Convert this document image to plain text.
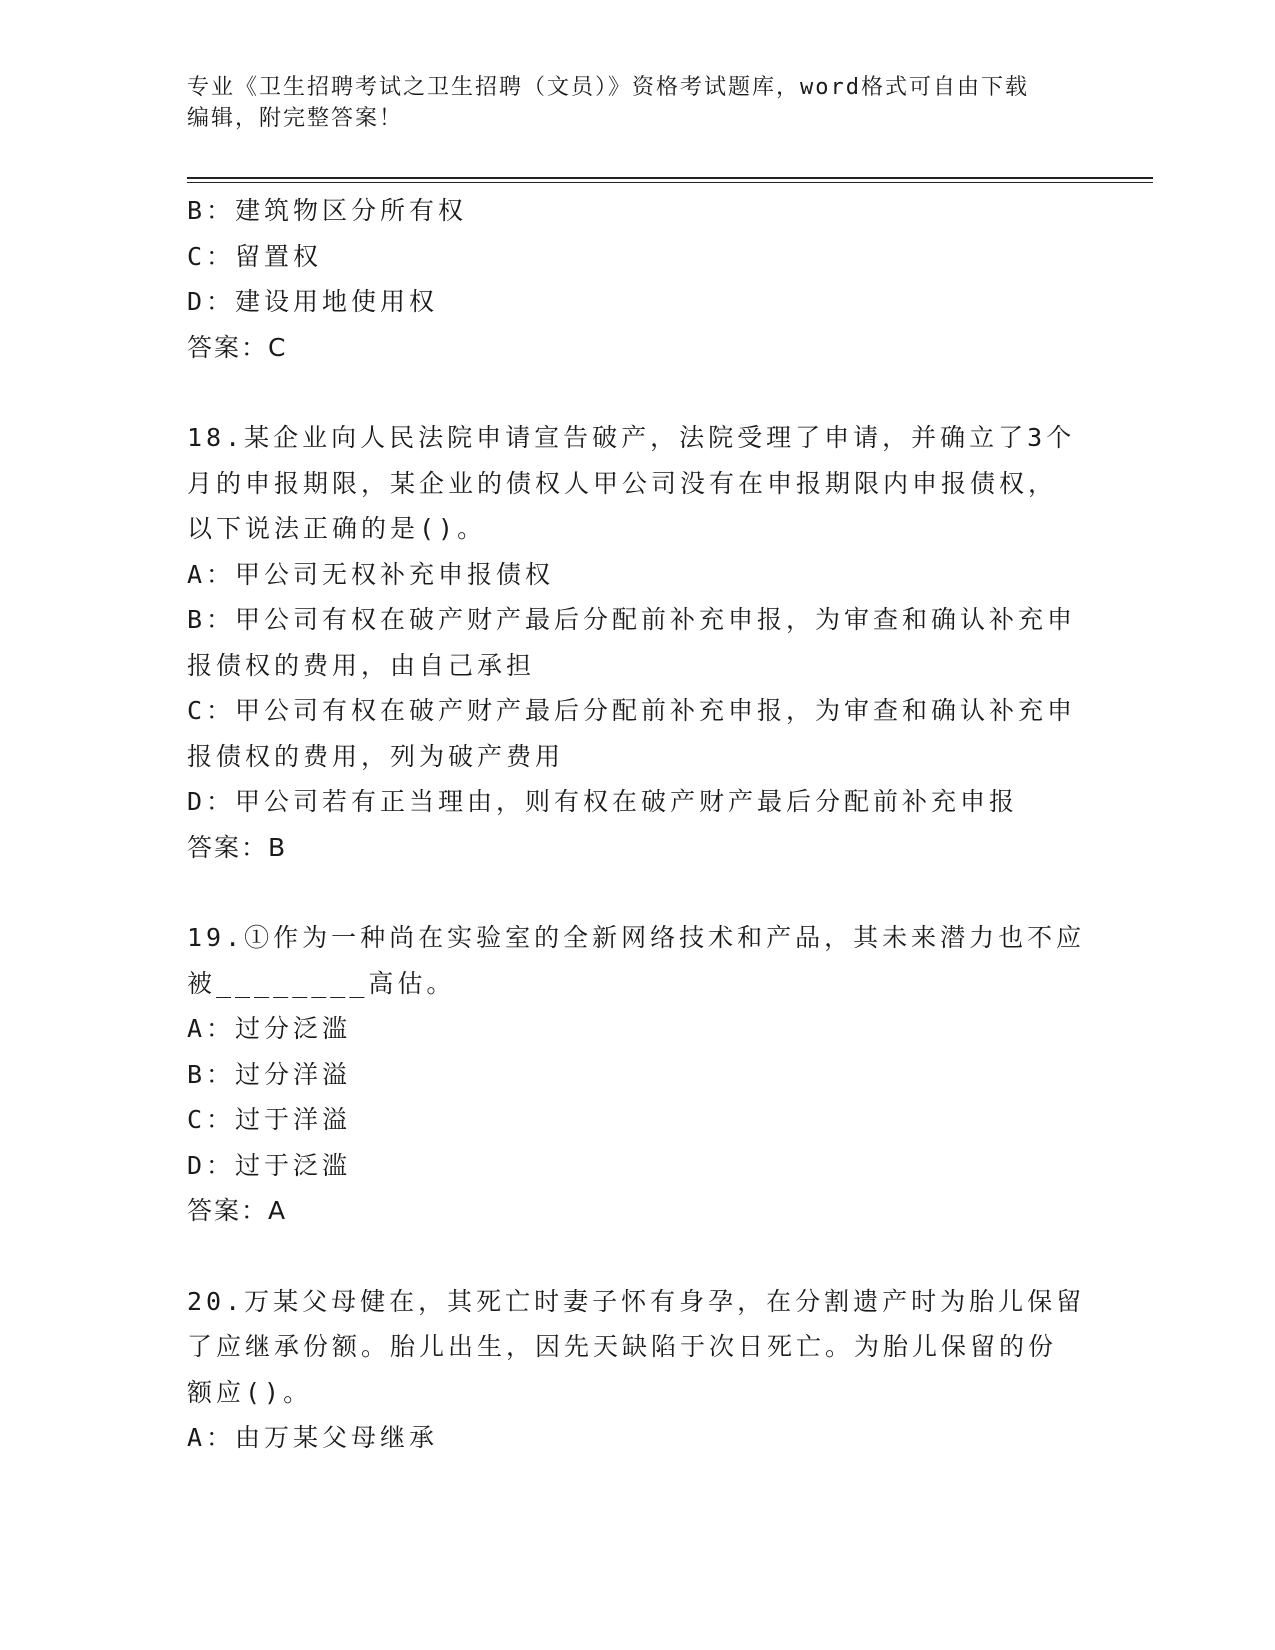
专业《卫生招聘考试之卫生招聘（文员）》资格考试题库，word格式可自由下载
编辑，附完整答案！
B：建筑物区分所有权
C：留置权
D：建设用地使用权
答案：C
18.某企业向人民法院申请宣告破产，法院受理了申请，并确立了3个
月的申报期限，某企业的债权人甲公司没有在申报期限内申报债权，
以下说法正确的是()。
A：甲公司无权补充申报债权
B：甲公司有权在破产财产最后分配前补充申报，为审查和确认补充申
报债权的费用，由自己承担
C：甲公司有权在破产财产最后分配前补充申报，为审查和确认补充申
报债权的费用，列为破产费用
D：甲公司若有正当理由，则有权在破产财产最后分配前补充申报
答案：B
19.①作为一种尚在实验室的全新网络技术和产品，其未来潜力也不应
被________高估。
A：过分泛滥
B：过分洋溢
C：过于洋溢
D：过于泛滥
答案：A
20.万某父母健在，其死亡时妻子怀有身孕，在分割遗产时为胎儿保留
了应继承份额。胎儿出生，因先天缺陷于次日死亡。为胎儿保留的份
额应()。
A：由万某父母继承
